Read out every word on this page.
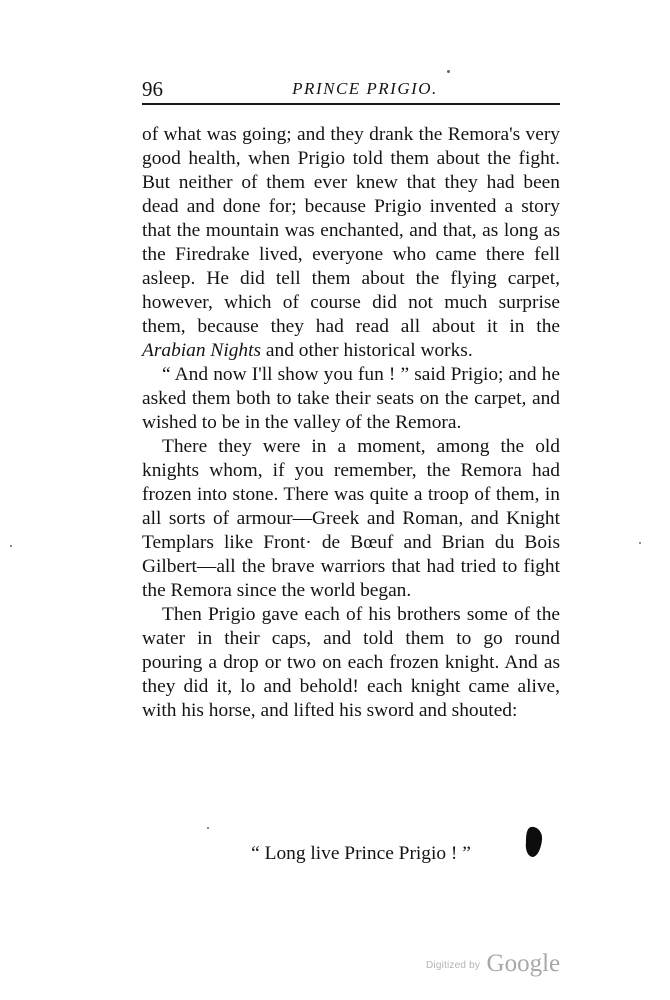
96	PRINCE PRIGIO.

of what was going; and they drank the Remora's very good health, when Prigio told them about the fight. But neither of them ever knew that they had been dead and done for; because Prigio invented a story that the mountain was enchanted, and that, as long as the Firedrake lived, everyone who came there fell asleep. He did tell them about the flying carpet, however, which of course did not much surprise them, because they had read all about it in the Arabian Nights and other historical works.

“ And now I'll show you fun ! ” said Prigio; and he asked them both to take their seats on the carpet, and wished to be in the valley of the Remora.

There they were in a moment, among the old knights whom, if you remember, the Remora had frozen into stone. There was quite a troop of them, in all sorts of armour—Greek and Roman, and Knight Templars like Front· de Bœuf and Brian du Bois Gilbert—all the brave warriors that had tried to fight the Remora since the world began.

Then Prigio gave each of his brothers some of the water in their caps, and told them to go round pouring a drop or two on each frozen knight. And as they did it, lo and behold! each knight came alive, with his horse, and lifted his sword and shouted:

“ Long live Prince Prigio ! ”
Digitized by Google
